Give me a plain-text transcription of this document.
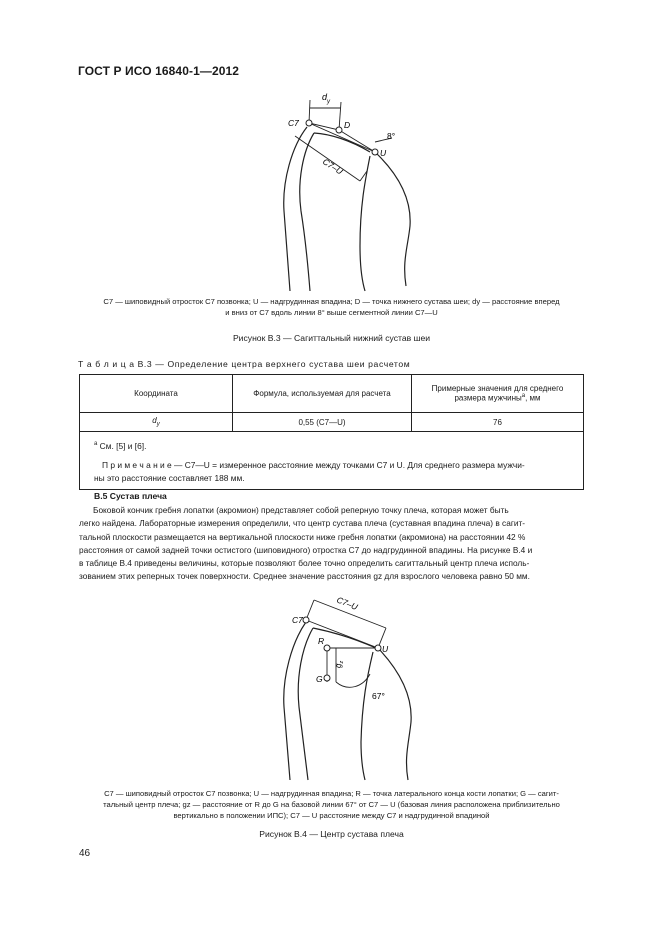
ГОСТ Р ИСО 16840-1—2012
$d_y$
C7	D
8°
U
C7–U
C7 — шиповидный отросток C7 позвонка; U — надгрудинная впадина; D — точка нижнего сустава шеи; dy — расстояние вперед
и вниз от C7 вдоль линии 8° выше сегментной линии C7—U
Рисунок В.3 — Сагиттальный нижний сустав шеи
Т а б л и ц а В.3 — Определение центра верхнего сустава шеи расчетом
Координата	Формула, используемая для расчета	Примерные значения для среднего
размера мужчины$^a$, мм
$d_y$	0,55 (C7—U)	76

$^a$ См. [5] и [6].
П р и м е ч а н и е — C7—U = измеренное расстояние между точками C7 и U. Для среднего размера мужчи-
ны это расстояние составляет 188 мм.		
В.5 Сустав плеча
Боковой кончик гребня лопатки (акромион) представляет собой реперную точку плеча, которая может быть
легко найдена. Лабораторные измерения определили, что центр сустава плеча (суставная впадина плеча) в сагит-
тальной плоскости размещается на вертикальной плоскости ниже гребня лопатки (акромиона) на расстоянии 42 %
расстояния от самой задней точки остистого (шиповидного) отростка C7 до надгрудинной впадины. На рисунке В.4 и
в таблице В.4 приведены величины, которые позволяют более точно определить сагиттальный центр плеча исполь-
зованием этих реперных точек поверхности. Среднее значение расстояния gz для взрослого человека равно 50 мм.
C7
C7–U
R
U
G
$g_z$
67°
C7 — шиповидный отросток C7 позвонка; U — надгрудинная впадина; R — точка латерального конца кости лопатки; G — сагит-
тальный центр плеча; gz — расстояние от R до G на базовой линии 67° от C7 — U (базовая линия расположена приблизительно
вертикально в положении ИПС); C7 — U расстояние между C7 и надгрудинной впадиной
Рисунок В.4 — Центр сустава плеча
46
